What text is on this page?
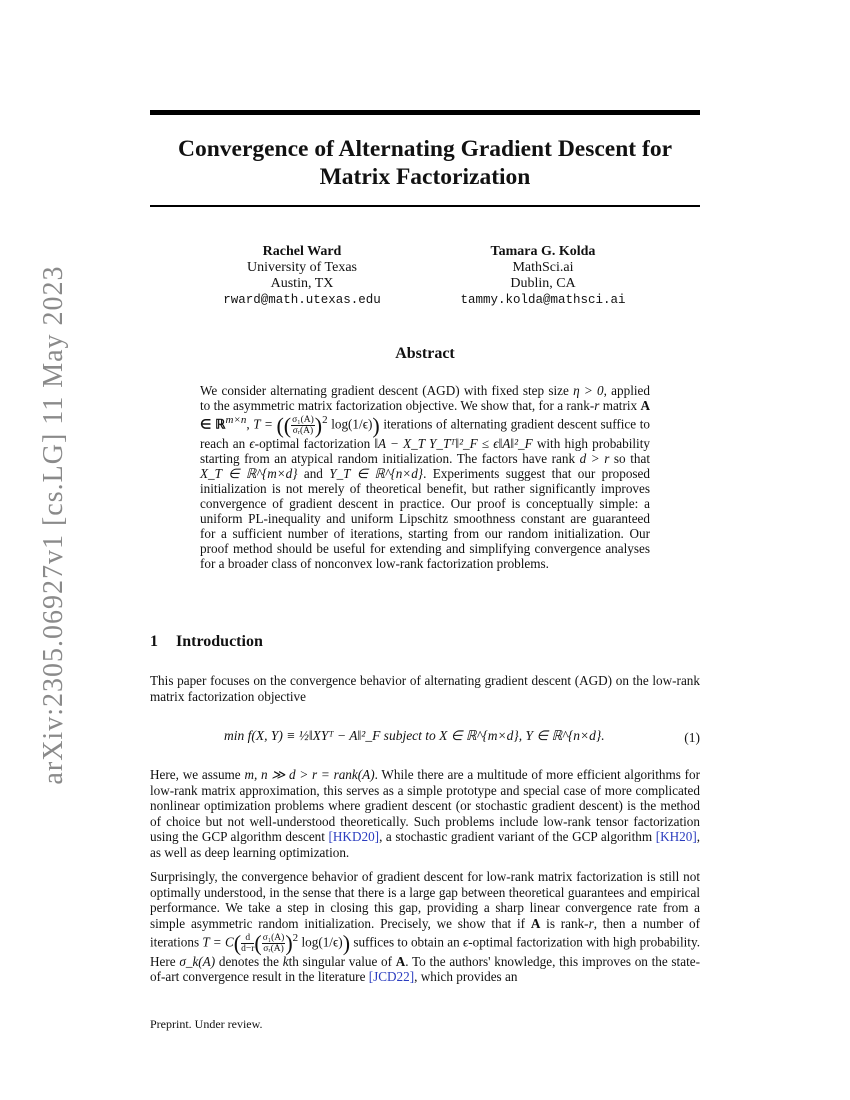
arXiv:2305.06927v1 [cs.LG] 11 May 2023
Convergence of Alternating Gradient Descent for Matrix Factorization
Rachel Ward
University of Texas
Austin, TX
rward@math.utexas.edu
Tamara G. Kolda
MathSci.ai
Dublin, CA
tammy.kolda@mathsci.ai
Abstract

We consider alternating gradient descent (AGD) with fixed step size η > 0, applied to the asymmetric matrix factorization objective. We show that, for a rank-r matrix A ∈ ℝ$^{m\times n}$, T = (( $\frac{\text{σ₁(A)}}{\text{σᵣ(A)}} )^2$ log(1/ϵ)) iterations of alternating gradient descent suffice to reach an ϵ-optimal factorization ‖A − X_T Y_Tᵀ‖²_F ≤ ϵ‖A‖²_F with high probability starting from an atypical random initialization. The factors have rank d > r so that X_T ∈ ℝ^{m×d} and Y_T ∈ ℝ^{n×d}. Experiments suggest that our proposed initialization is not merely of theoretical benefit, but rather significantly improves convergence of gradient descent in practice. Our proof is conceptually simple: a uniform PL-inequality and uniform Lipschitz smoothness constant are guaranteed for a sufficient number of iterations, starting from our random initialization. Our proof method should be useful for extending and simplifying convergence analyses for a broader class of nonconvex low-rank factorization problems.

1 Introduction

This paper focuses on the convergence behavior of alternating gradient descent (AGD) on the low-rank matrix factorization objective

min f(X, Y) ≡ ½‖XYᵀ − A‖²_F subject to X ∈ ℝ^{m×d}, Y ∈ ℝ^{n×d}.	(1)

Here, we assume m, n ≫ d > r = rank(A). While there are a multitude of more efficient algorithms for low-rank matrix approximation, this serves as a simple prototype and special case of more complicated nonlinear optimization problems where gradient descent (or stochastic gradient descent) is the method of choice but not well-understood theoretically. Such problems include low-rank tensor factorization using the GCP algorithm descent [HKD20], a stochastic gradient variant of the GCP algorithm [KH20], as well as deep learning optimization.

Surprisingly, the convergence behavior of gradient descent for low-rank matrix factorization is still not optimally understood, in the sense that there is a large gap between theoretical guarantees and empirical performance. We take a step in closing this gap, providing a sharp linear convergence rate from a simple asymmetric random initialization. Precisely, we show that if A is rank-r, then a number of iterations $T = C( \frac{d}{d-r}$ ( $\frac{\text{σ₁(A)}}{\text{σᵣ(A)}} )^2$ log(1/ϵ)) suffices to obtain an ϵ-optimal factorization with high probability. Here σ_k(A) denotes the kth singular value of A. To the authors' knowledge, this improves on the state-of-art convergence result in the literature [JCD22], which provides an

Preprint. Under review.
